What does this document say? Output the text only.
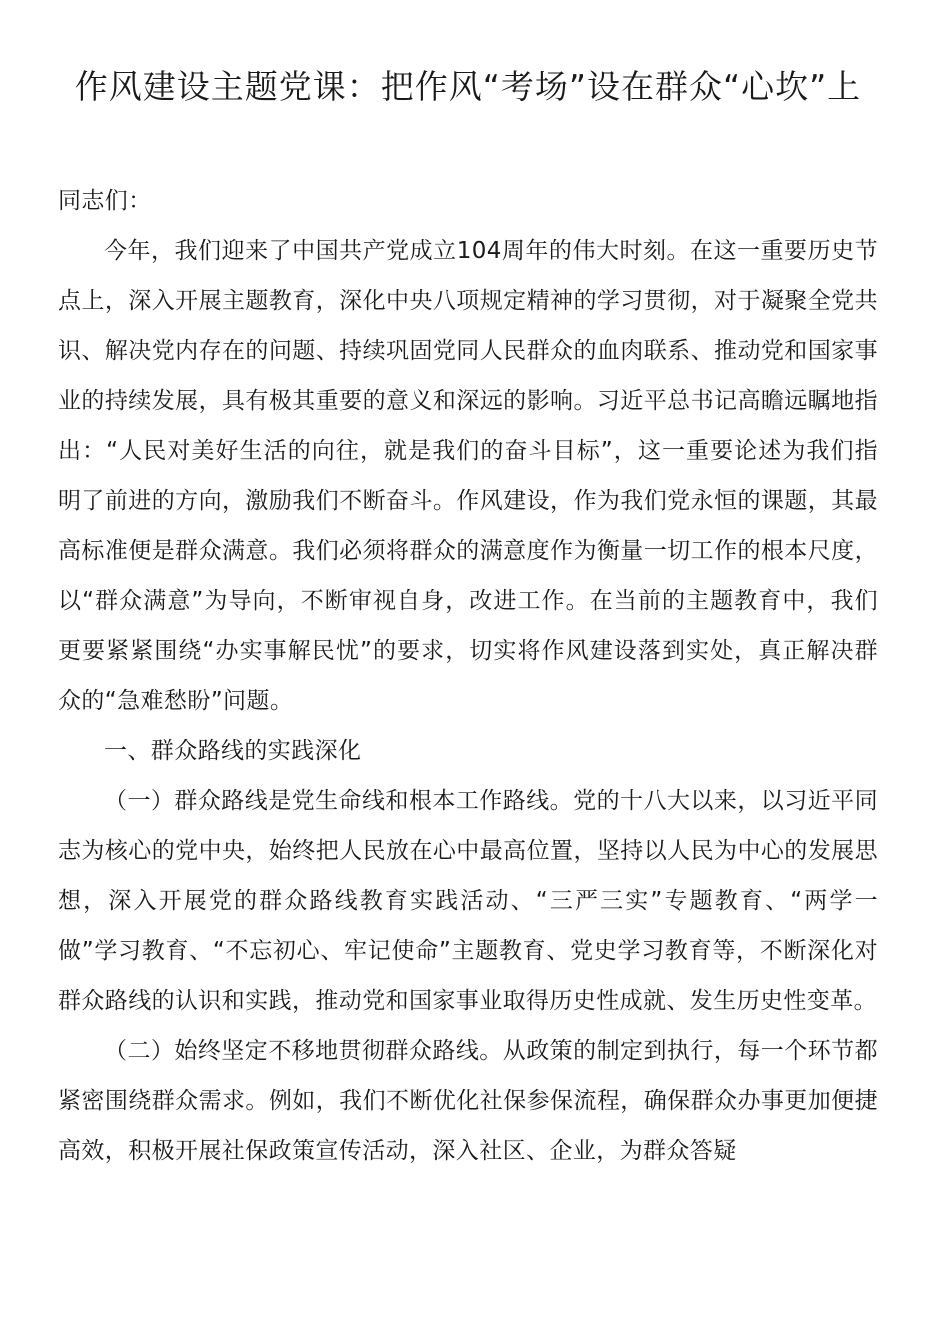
作风建设主题党课：把作风“考场”设在群众“心坎”上

同志们：

今年，我们迎来了中国共产党成立104周年的伟大时刻。在这一重要历史节点上，深入开展主题教育，深化中央八项规定精神的学习贯彻，对于凝聚全党共识、解决党内存在的问题、持续巩固党同人民群众的血肉联系、推动党和国家事业的持续发展，具有极其重要的意义和深远的影响。习近平总书记高瞻远瞩地指出：“人民对美好生活的向往，就是我们的奋斗目标”，这一重要论述为我们指明了前进的方向，激励我们不断奋斗。作风建设，作为我们党永恒的课题，其最高标准便是群众满意。我们必须将群众的满意度作为衡量一切工作的根本尺度，以“群众满意”为导向，不断审视自身，改进工作。在当前的主题教育中，我们更要紧紧围绕“办实事解民忧”的要求，切实将作风建设落到实处，真正解决群众的“急难愁盼”问题。

一、群众路线的实践深化

（一）群众路线是党生命线和根本工作路线。党的十八大以来，以习近平同志为核心的党中央，始终把人民放在心中最高位置，坚持以人民为中心的发展思想，深入开展党的群众路线教育实践活动、“三严三实”专题教育、“两学一做”学习教育、“不忘初心、牢记使命”主题教育、党史学习教育等，不断深化对群众路线的认识和实践，推动党和国家事业取得历史性成就、发生历史性变革。

（二）始终坚定不移地贯彻群众路线。从政策的制定到执行，每一个环节都紧密围绕群众需求。例如，我们不断优化社保参保流程，确保群众办事更加便捷高效，积极开展社保政策宣传活动，深入社区、企业，为群众答疑
